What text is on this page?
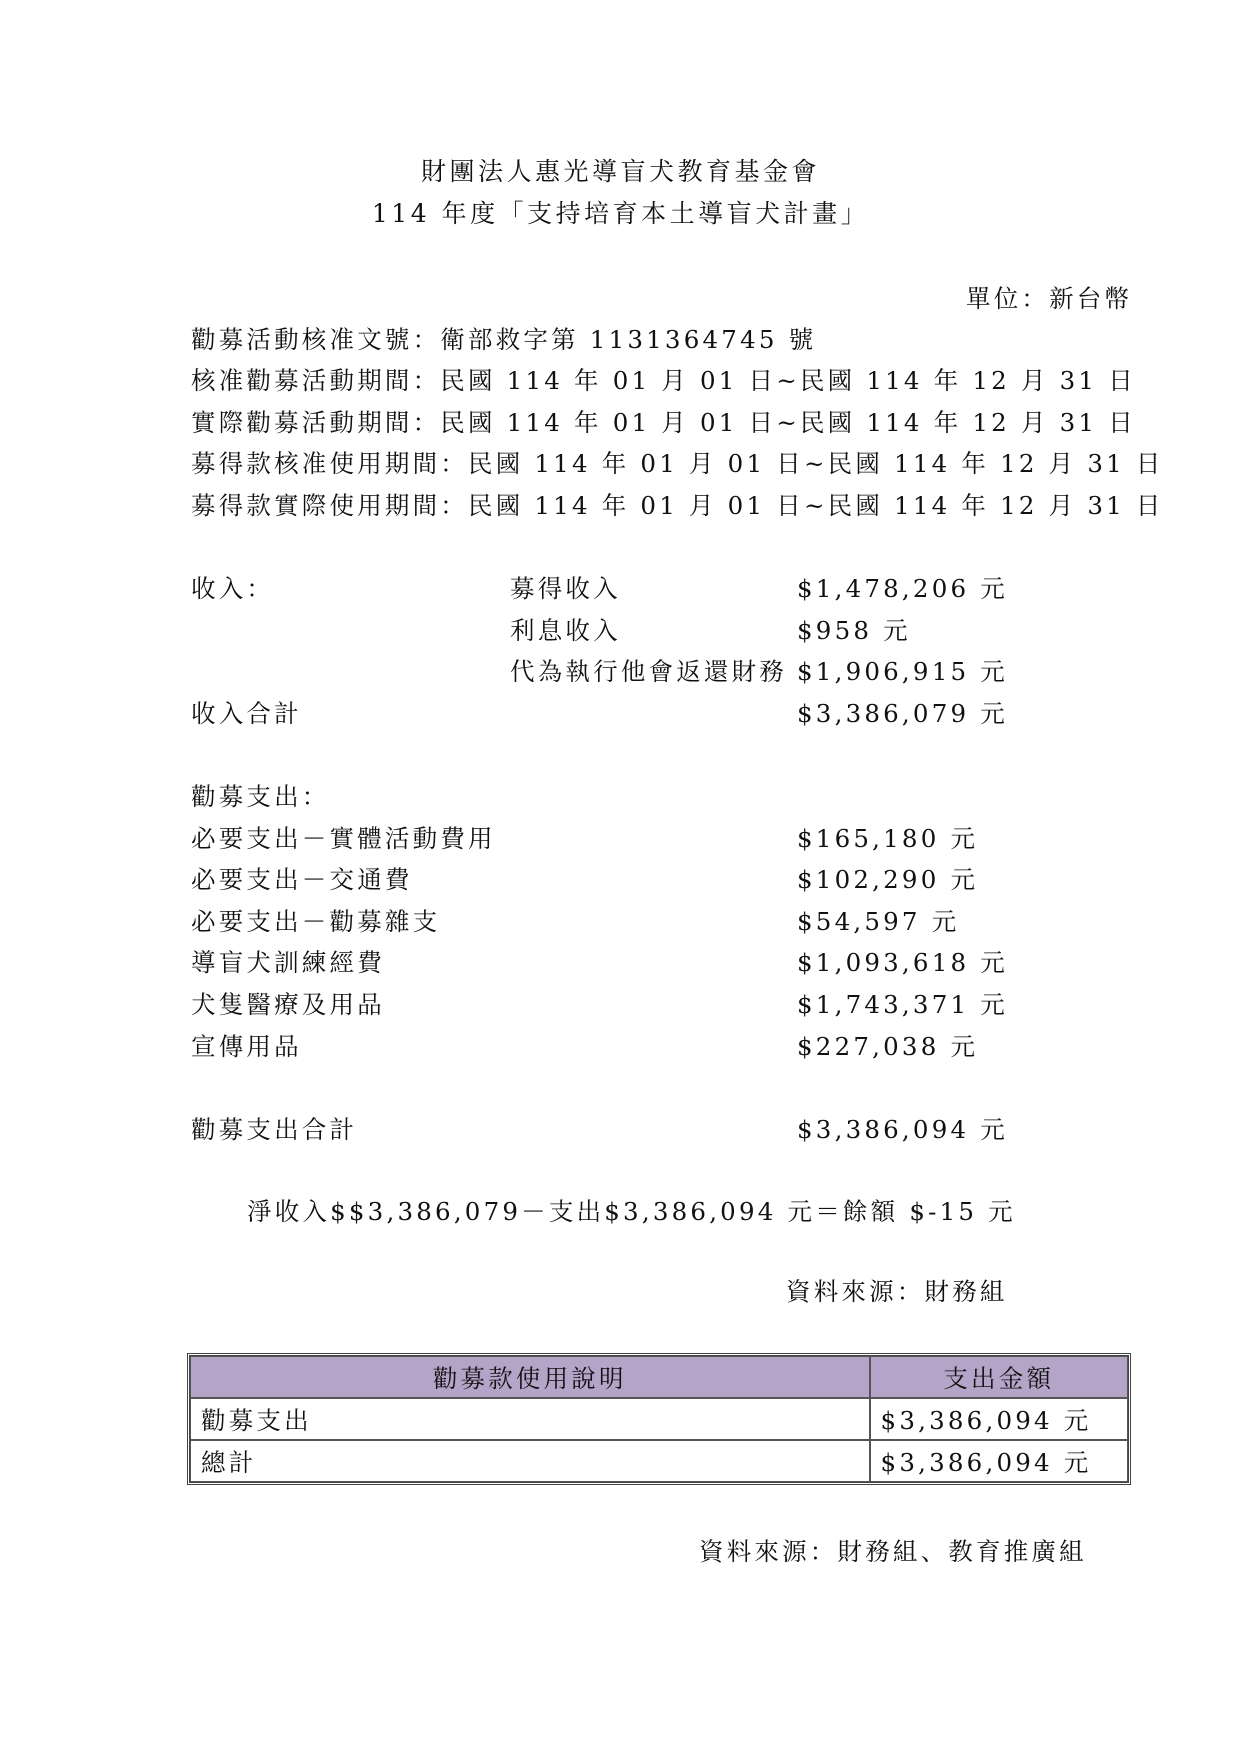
財團法人惠光導盲犬教育基金會
114 年度「支持培育本土導盲犬計畫」
單位：新台幣
勸募活動核准文號：衛部救字第 1131364745 號
核准勸募活動期間：民國 114 年 01 月 01 日~民國 114 年 12 月 31 日
實際勸募活動期間：民國 114 年 01 月 01 日~民國 114 年 12 月 31 日
募得款核准使用期間：民國 114 年 01 月 01 日~民國 114 年 12 月 31 日
募得款實際使用期間：民國 114 年 01 月 01 日~民國 114 年 12 月 31 日
收入：	募得收入	$1,478,206 元
利息收入	$958 元
代為執行他會返還財務 $1,906,915 元
收入合計	$3,386,079 元
勸募支出：
必要支出－實體活動費用	$165,180 元
必要支出－交通費	$102,290 元
必要支出－勸募雜支	$54,597 元
導盲犬訓練經費	$1,093,618 元
犬隻醫療及用品	$1,743,371 元
宣傳用品	$227,038 元
勸募支出合計	$3,386,094 元
淨收入$$3,386,079－支出$3,386,094 元＝餘額 $-15 元
資料來源：財務組
勸募款使用說明	支出金額
勸募支出	$3,386,094 元
總計	$3,386,094 元
資料來源：財務組、教育推廣組
